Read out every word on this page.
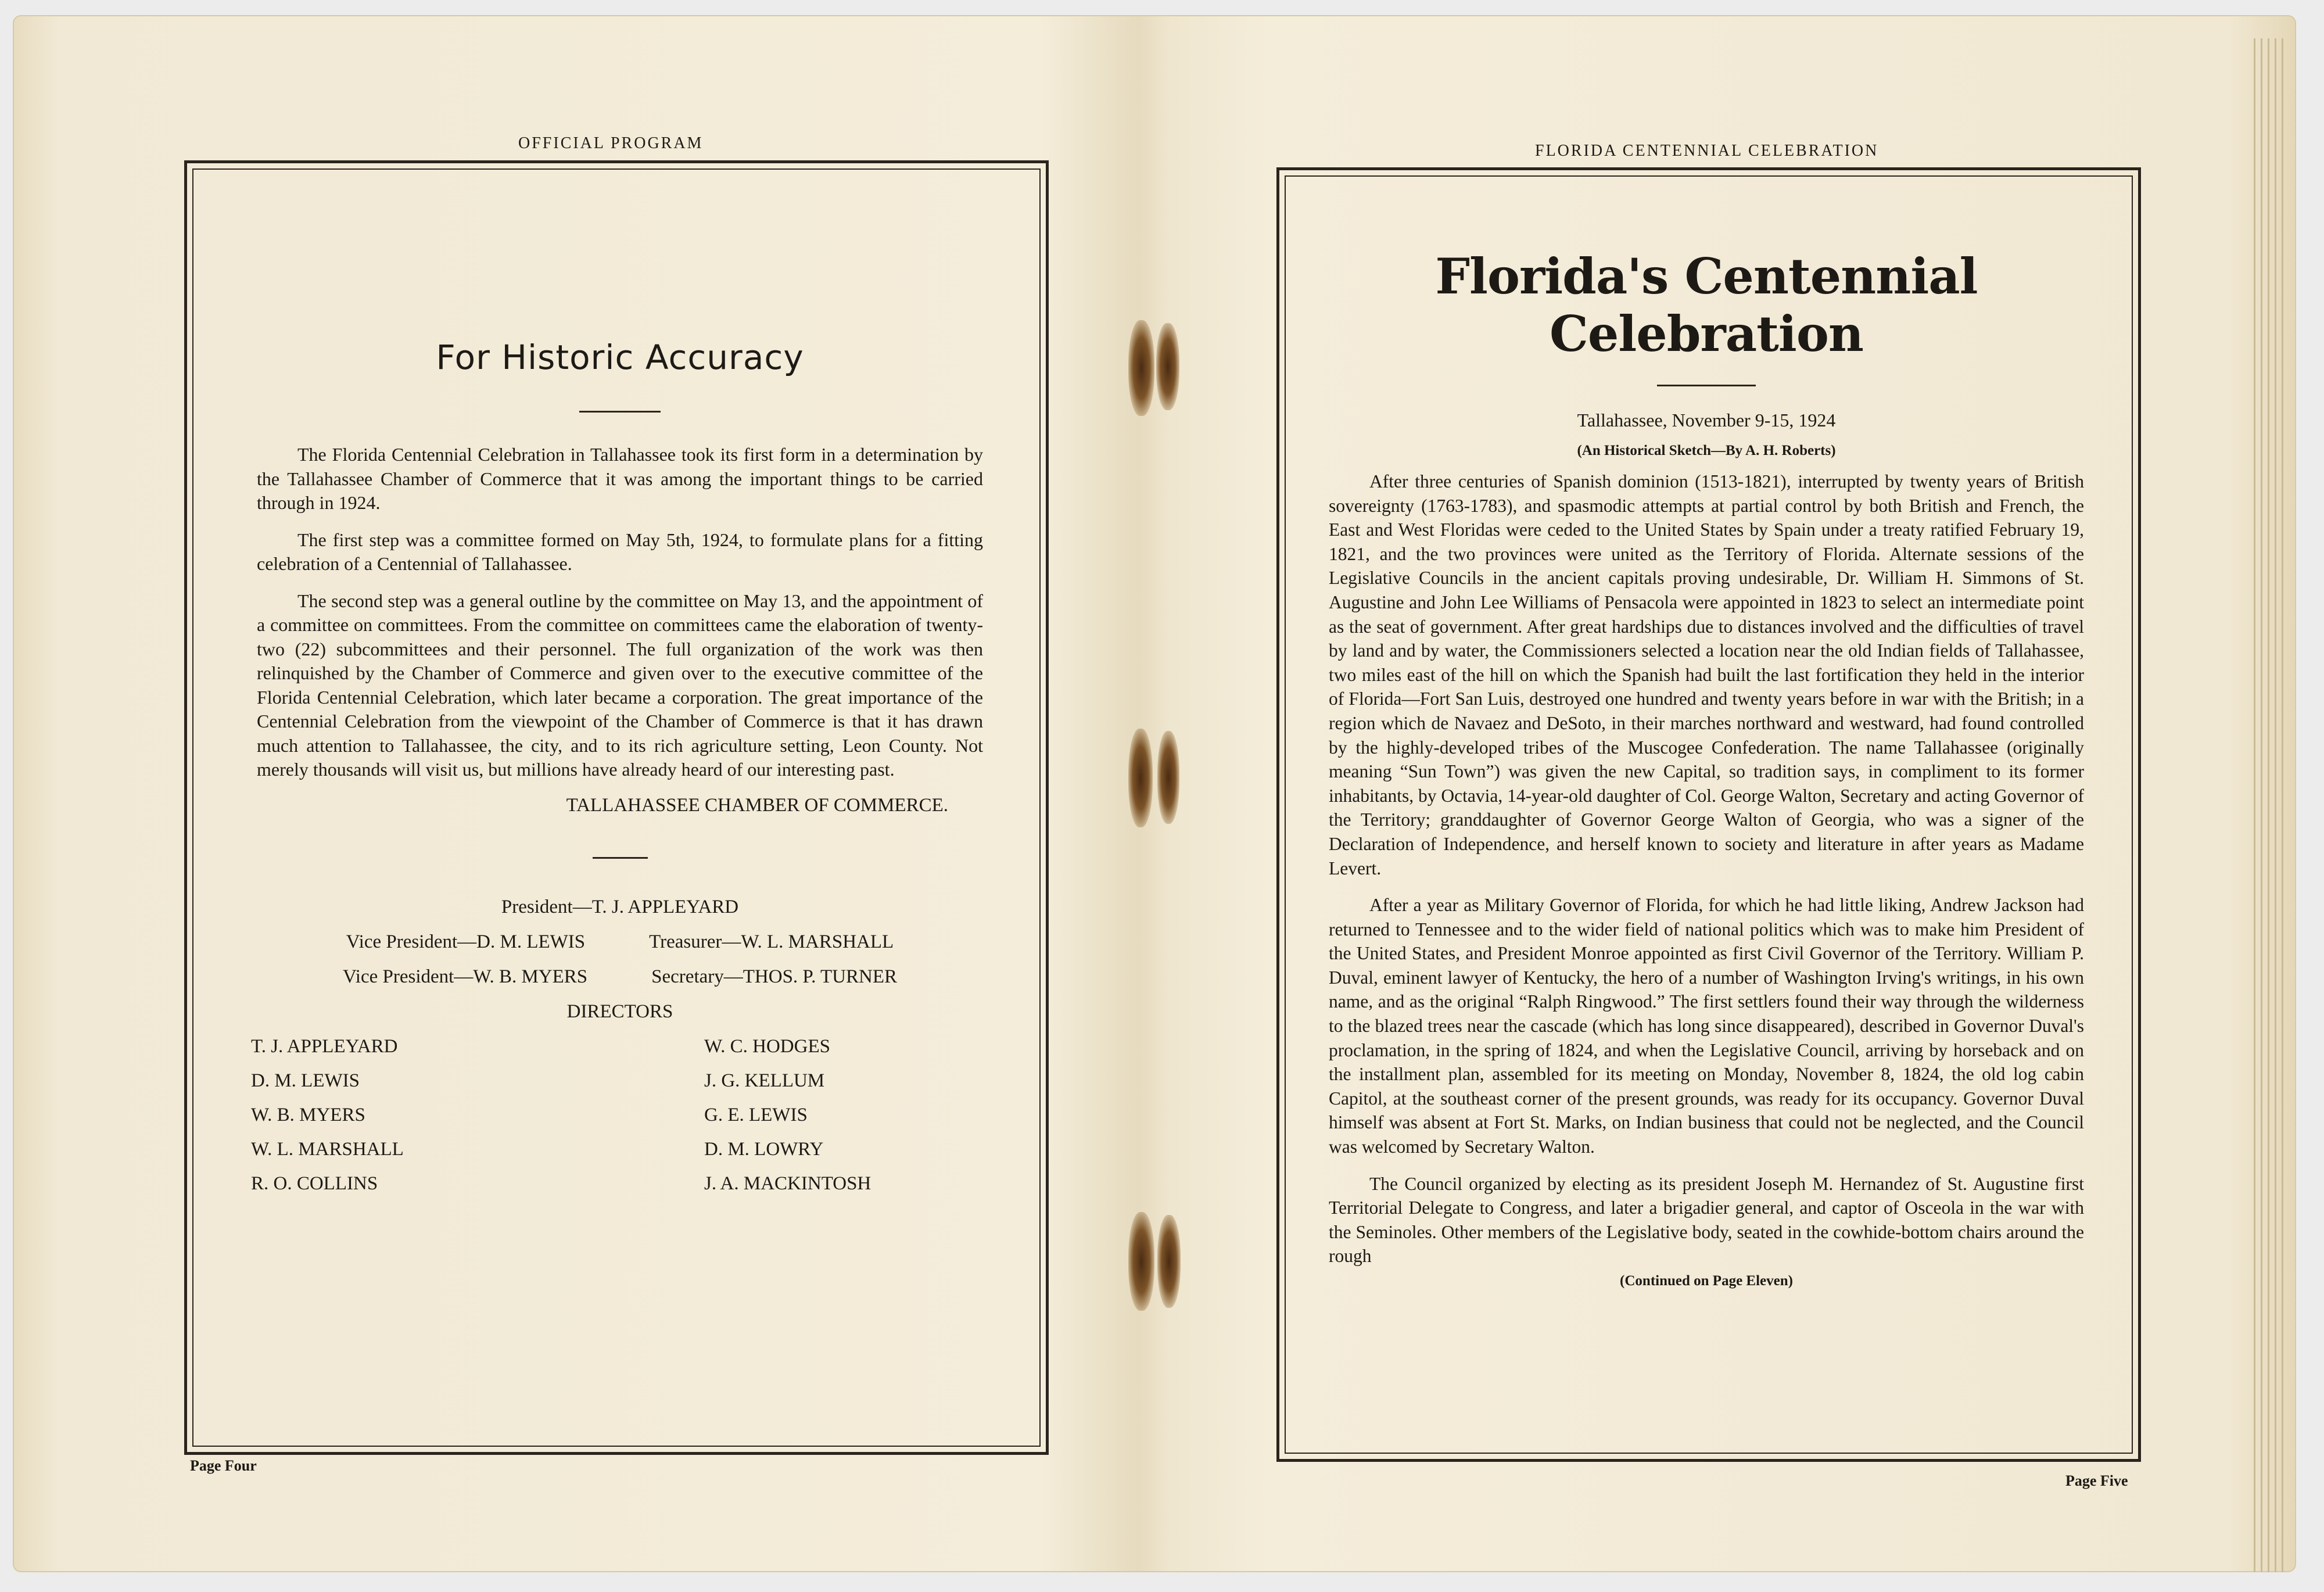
OFFICIAL PROGRAM
For Historic Accuracy

The Florida Centennial Celebration in Tallahassee took its first form in a determination by the Tallahassee Chamber of Commerce that it was among the important things to be carried through in 1924.

The first step was a committee formed on May 5th, 1924, to formulate plans for a fitting celebration of a Centennial of Tallahassee.

The second step was a general outline by the committee on May 13, and the appointment of a committee on committees. From the committee on committees came the elaboration of twenty-two (22) subcommittees and their personnel. The full organization of the work was then relinquished by the Chamber of Commerce and given over to the executive committee of the Florida Centennial Celebration, which later became a corporation. The great importance of the Centennial Celebration from the viewpoint of the Chamber of Commerce is that it has drawn much attention to Tallahassee, the city, and to its rich agriculture setting, Leon County. Not merely thousands will visit us, but millions have already heard of our interesting past.

TALLAHASSEE CHAMBER OF COMMERCE.
President—T. J. APPLEYARD
Vice President—D. M. LEWIS	Treasurer—W. L. MARSHALL
Vice President—W. B. MYERS	Secretary—THOS. P. TURNER
DIRECTORS
T. J. APPLEYARD	W. C. HODGES
D. M. LEWIS	J. G. KELLUM
W. B. MYERS	G. E. LEWIS
W. L. MARSHALL	D. M. LOWRY
R. O. COLLINS	J. A. MACKINTOSH
Page Four
FLORIDA CENTENNIAL CELEBRATION
Florida's Centennial Celebration
Tallahassee, November 9-15, 1924
(An Historical Sketch—By A. H. Roberts)

After three centuries of Spanish dominion (1513-1821), interrupted by twenty years of British sovereignty (1763-1783), and spasmodic attempts at partial control by both British and French, the East and West Floridas were ceded to the United States by Spain under a treaty ratified February 19, 1821, and the two provinces were united as the Territory of Florida. Alternate sessions of the Legislative Councils in the ancient capitals proving undesirable, Dr. William H. Simmons of St. Augustine and John Lee Williams of Pensacola were appointed in 1823 to select an intermediate point as the seat of government. After great hardships due to distances involved and the difficulties of travel by land and by water, the Commissioners selected a location near the old Indian fields of Tallahassee, two miles east of the hill on which the Spanish had built the last fortification they held in the interior of Florida—Fort San Luis, destroyed one hundred and twenty years before in war with the British; in a region which de Navaez and DeSoto, in their marches northward and westward, had found controlled by the highly-developed tribes of the Muscogee Confederation. The name Tallahassee (originally meaning “Sun Town”) was given the new Capital, so tradition says, in compliment to its former inhabitants, by Octavia, 14-year-old daughter of Col. George Walton, Secretary and acting Governor of the Territory; granddaughter of Governor George Walton of Georgia, who was a signer of the Declaration of Independence, and herself known to society and literature in after years as Madame Levert.

After a year as Military Governor of Florida, for which he had little liking, Andrew Jackson had returned to Tennessee and to the wider field of national politics which was to make him President of the United States, and President Monroe appointed as first Civil Governor of the Territory. William P. Duval, eminent lawyer of Kentucky, the hero of a number of Washington Irving's writings, in his own name, and as the original “Ralph Ringwood.” The first settlers found their way through the wilderness to the blazed trees near the cascade (which has long since disappeared), described in Governor Duval's proclamation, in the spring of 1824, and when the Legislative Council, arriving by horseback and on the installment plan, assembled for its meeting on Monday, November 8, 1824, the old log cabin Capitol, at the southeast corner of the present grounds, was ready for its occupancy. Governor Duval himself was absent at Fort St. Marks, on Indian business that could not be neglected, and the Council was welcomed by Secretary Walton.

The Council organized by electing as its president Joseph M. Hernandez of St. Augustine first Territorial Delegate to Congress, and later a brigadier general, and captor of Osceola in the war with the Seminoles. Other members of the Legislative body, seated in the cowhide-bottom chairs around the rough

(Continued on Page Eleven)
Page Five
